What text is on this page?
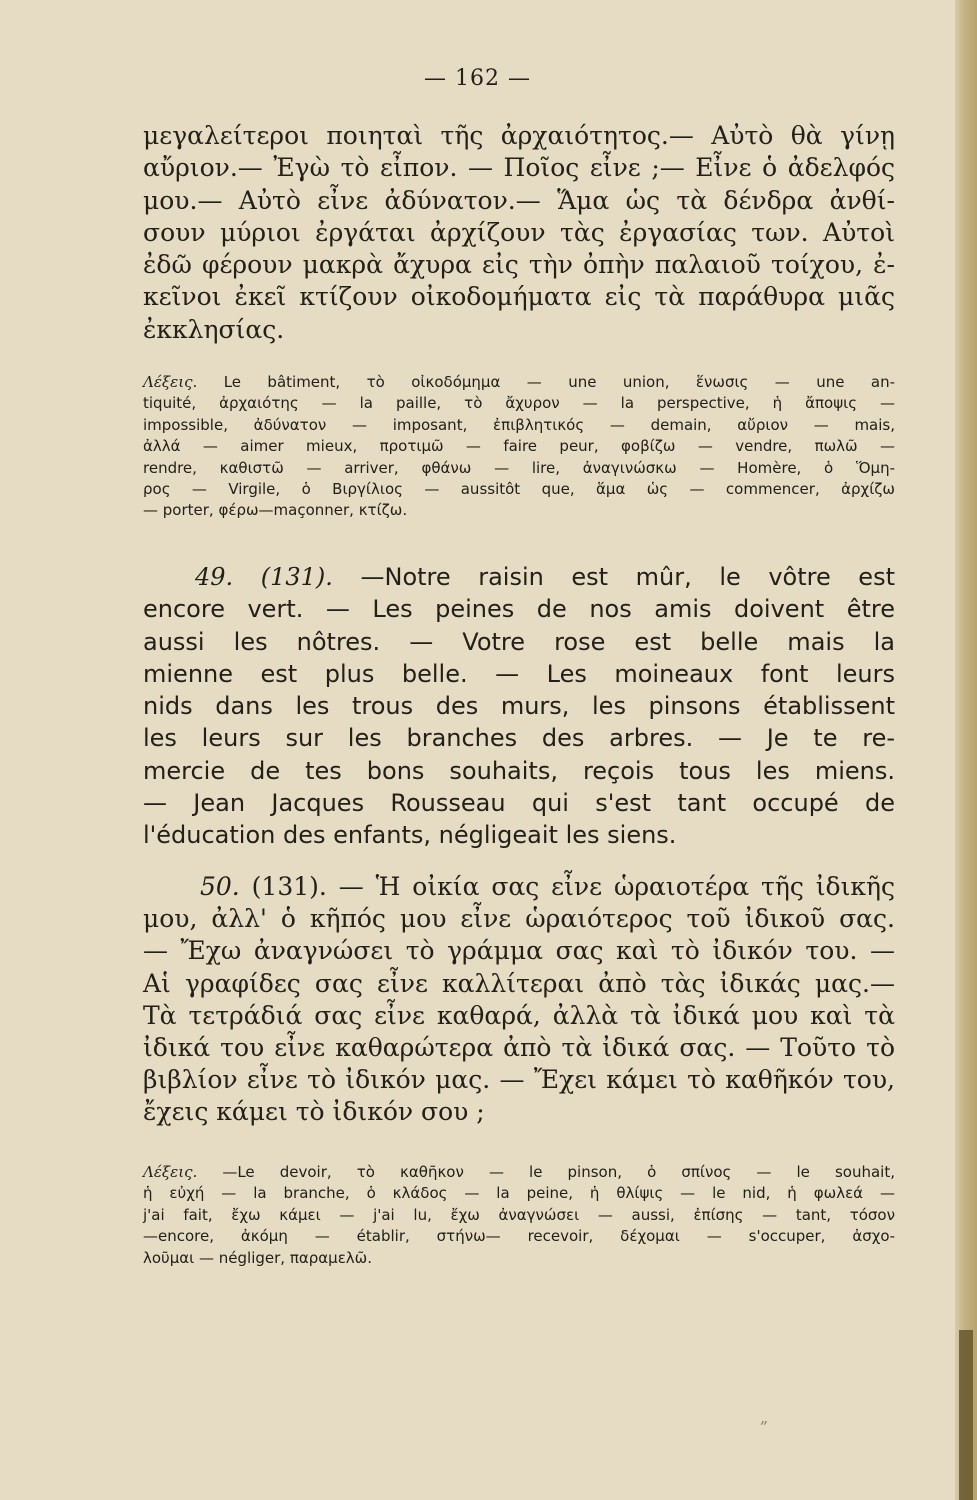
— 162 —
μεγαλείτεροι ποιηταὶ τῆς ἀρχαιότητος.— Αὐτὸ θὰ γίνῃ
αὔριον.— Ἐγὼ τὸ εἶπον. — Ποῖος εἶνε ;— Εἶνε ὁ ἀδελφός
μου.— Αὐτὸ εἶνε ἀδύνατον.— Ἅμα ὡς τὰ δένδρα ἀνθί-
σουν μύριοι ἐργάται ἀρχίζουν τὰς ἐργασίας των. Αὐτοὶ
ἐδῶ φέρουν μακρὰ ἄχυρα εἰς τὴν ὀπὴν παλαιοῦ τοίχου, ἐ-
κεῖνοι ἐκεῖ κτίζουν οἰκοδομήματα εἰς τὰ παράθυρα μιᾶς
ἐκκλησίας.
Λέξεις. Le bâtiment, τὸ οἰκοδόμημα — une union, ἕνωσις — une an-
tiquité, ἀρχαιότης — la paille, τὸ ἄχυρον — la perspective, ἡ ἄποψις —
impossible, ἀδύνατον — imposant, ἐπιβλητικός — demain, αὔριον — mais,
ἀλλά — aimer mieux, προτιμῶ — faire peur, φοβίζω — vendre, πωλῶ —
rendre, καθιστῶ — arriver, φθάνω — lire, ἀναγινώσκω — Homère, ὁ Ὅμη-
ρος — Virgile, ὁ Βιργίλιος — aussitôt que, ἅμα ὡς — commencer, ἀρχίζω
— porter, φέρω—maçonner, κτίζω.
49. (131). —Notre raisin est mûr, le vôtre est
encore vert. — Les peines de nos amis doivent être
aussi les nôtres. — Votre rose est belle mais la
mienne est plus belle. — Les moineaux font leurs
nids dans les trous des murs, les pinsons établissent
les leurs sur les branches des arbres. — Je te re-
mercie de tes bons souhaits, reçois tous les miens.
— Jean Jacques Rousseau qui s'est tant occupé de
l'éducation des enfants, négligeait les siens.
50. (131). — Ἡ οἰκία σας εἶνε ὡραιοτέρα τῆς ἰδικῆς
μου, ἀλλ' ὁ κῆπός μου εἶνε ὡραιότερος τοῦ ἰδικοῦ σας.
— Ἔχω ἀναγνώσει τὸ γράμμα σας καὶ τὸ ἰδικόν του. —
Αἱ γραφίδες σας εἶνε καλλίτεραι ἀπὸ τὰς ἰδικάς μας.—
Τὰ τετράδιά σας εἶνε καθαρά, ἀλλὰ τὰ ἰδικά μου καὶ τὰ
ἰδικά του εἶνε καθαρώτερα ἀπὸ τὰ ἰδικά σας. — Τοῦτο τὸ
βιβλίον εἶνε τὸ ἰδικόν μας. — Ἔχει κάμει τὸ καθῆκόν του,
ἔχεις κάμει τὸ ἰδικόν σου ;
Λέξεις. —Le devoir, τὸ καθῆκον — le pinson, ὁ σπίνος — le souhait,
ἡ εὐχή — la branche, ὁ κλάδος — la peine, ἡ θλίψις — le nid, ἡ φωλεά —
j'ai fait, ἔχω κάμει — j'ai lu, ἔχω ἀναγνώσει — aussi, ἐπίσης — tant, τόσον
—encore, ἀκόμη — établir, στήνω— recevoir, δέχομαι — s'occuper, ἀσχο-
λοῦμαι — négliger, παραμελῶ.
„
